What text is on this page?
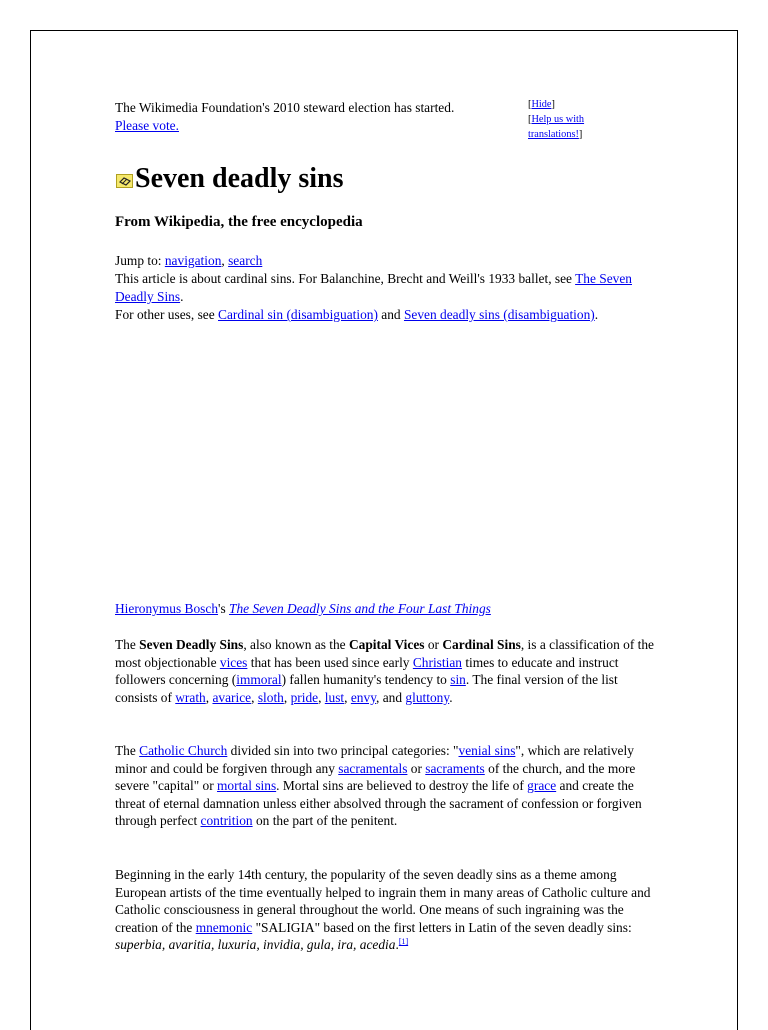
The Wikimedia Foundation's 2010 steward election has started.
Please vote.
[Hide]
[Help us with
translations!]
Seven deadly sins
From Wikipedia, the free encyclopedia
Jump to: navigation, search
This article is about cardinal sins. For Balanchine, Brecht and Weill's 1933 ballet, see The Seven Deadly Sins.
For other uses, see Cardinal sin (disambiguation) and Seven deadly sins (disambiguation).
Hieronymus Bosch's The Seven Deadly Sins and the Four Last Things

The Seven Deadly Sins, also known as the Capital Vices or Cardinal Sins, is a classification of the most objectionable vices that has been used since early Christian times to educate and instruct followers concerning (immoral) fallen humanity's tendency to sin. The final version of the list consists of wrath, avarice, sloth, pride, lust, envy, and gluttony.

The Catholic Church divided sin into two principal categories: "venial sins", which are relatively minor and could be forgiven through any sacramentals or sacraments of the church, and the more severe "capital" or mortal sins. Mortal sins are believed to destroy the life of grace and create the threat of eternal damnation unless either absolved through the sacrament of confession or forgiven through perfect contrition on the part of the penitent.

Beginning in the early 14th century, the popularity of the seven deadly sins as a theme among European artists of the time eventually helped to ingrain them in many areas of Catholic culture and Catholic consciousness in general throughout the world. One means of such ingraining was the creation of the mnemonic "SALIGIA" based on the first letters in Latin of the seven deadly sins: superbia, avaritia, luxuria, invidia, gula, ira, acedia.[1]
